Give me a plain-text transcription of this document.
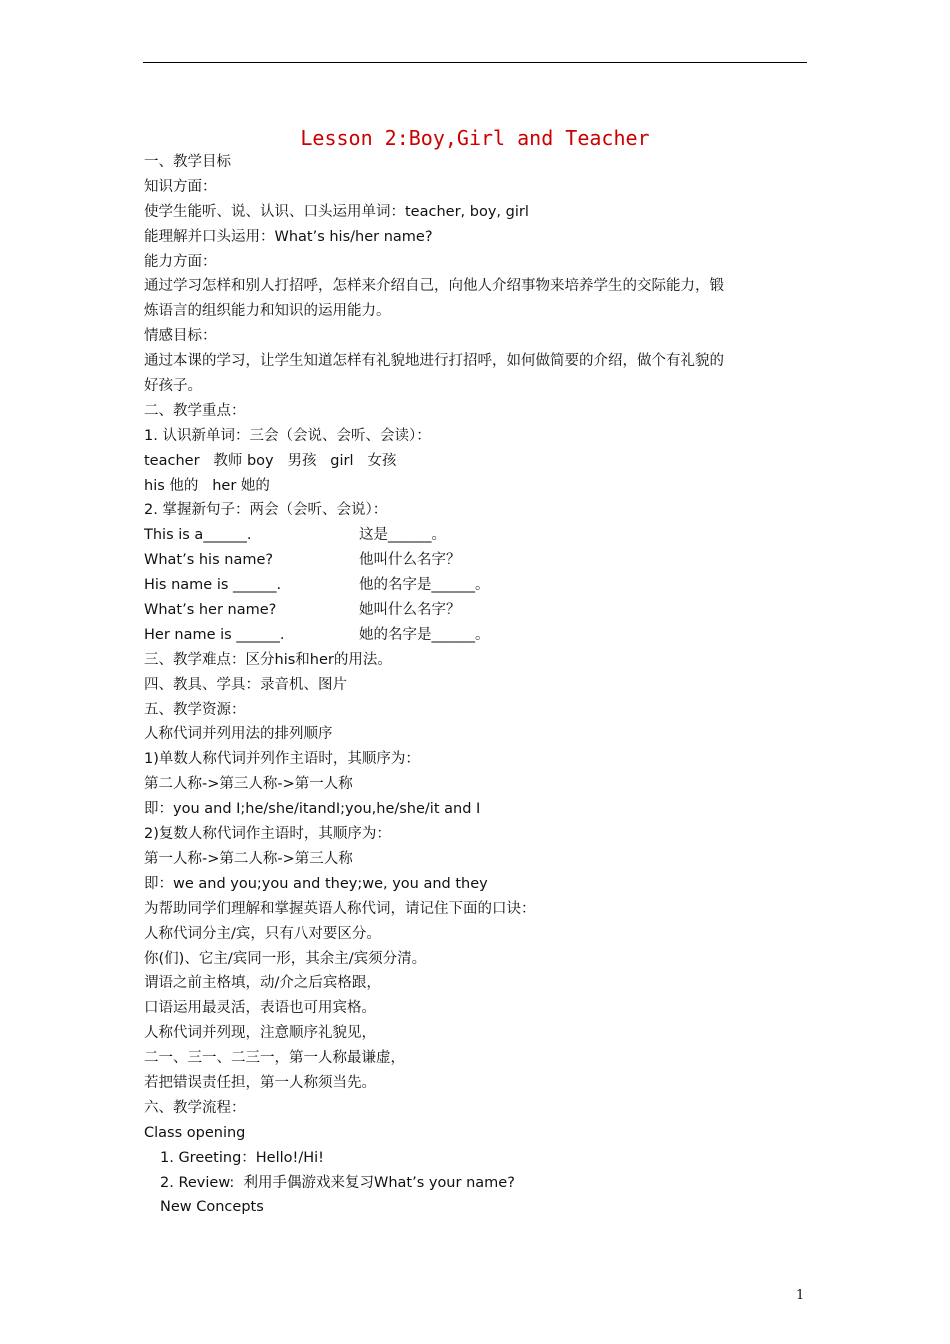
Lesson 2:Boy,Girl and Teacher
一、教学目标
知识方面：
使学生能听、说、认识、口头运用单词：teacher, boy, girl
能理解并口头运用：What’s his/her name?
能力方面：
通过学习怎样和别人打招呼，怎样来介绍自己，向他人介绍事物来培养学生的交际能力，锻
炼语言的组织能力和知识的运用能力。
情感目标：
通过本课的学习，让学生知道怎样有礼貌地进行打招呼，如何做简要的介绍，做个有礼貌的
好孩子。
二、教学重点：
1. 认识新单词：三会（会说、会听、会读）：
teacher   教师 boy   男孩   girl   女孩
his 他的   her 她的
2. 掌握新句子：两会（会听、会说）：
This is a______.	这是______。
What’s his name?	他叫什么名字？
His name is ______.	他的名字是______。
What’s her name?	她叫什么名字？
Her name is ______.	她的名字是______。
三、教学难点：区分his和her的用法。
四、教具、学具：录音机、图片
五、教学资源：
人称代词并列用法的排列顺序
1)单数人称代词并列作主语时，其顺序为：
第二人称->第三人称->第一人称
即：you and I;he/she/itandI;you,he/she/it and I
2)复数人称代词作主语时，其顺序为：
第一人称->第二人称->第三人称
即：we and you;you and they;we, you and they
为帮助同学们理解和掌握英语人称代词，请记住下面的口诀：
人称代词分主/宾，只有八对要区分。
你(们)、它主/宾同一形，其余主/宾须分清。
谓语之前主格填，动/介之后宾格跟，
口语运用最灵活，表语也可用宾格。
人称代词并列现，注意顺序礼貌见，
二一、三一、二三一，第一人称最谦虚，
若把错误责任担，第一人称须当先。
六、教学流程：
Class opening
1. Greeting：Hello!/Hi!
2. Review:  利用手偶游戏来复习What’s your name?
New Concepts
1
